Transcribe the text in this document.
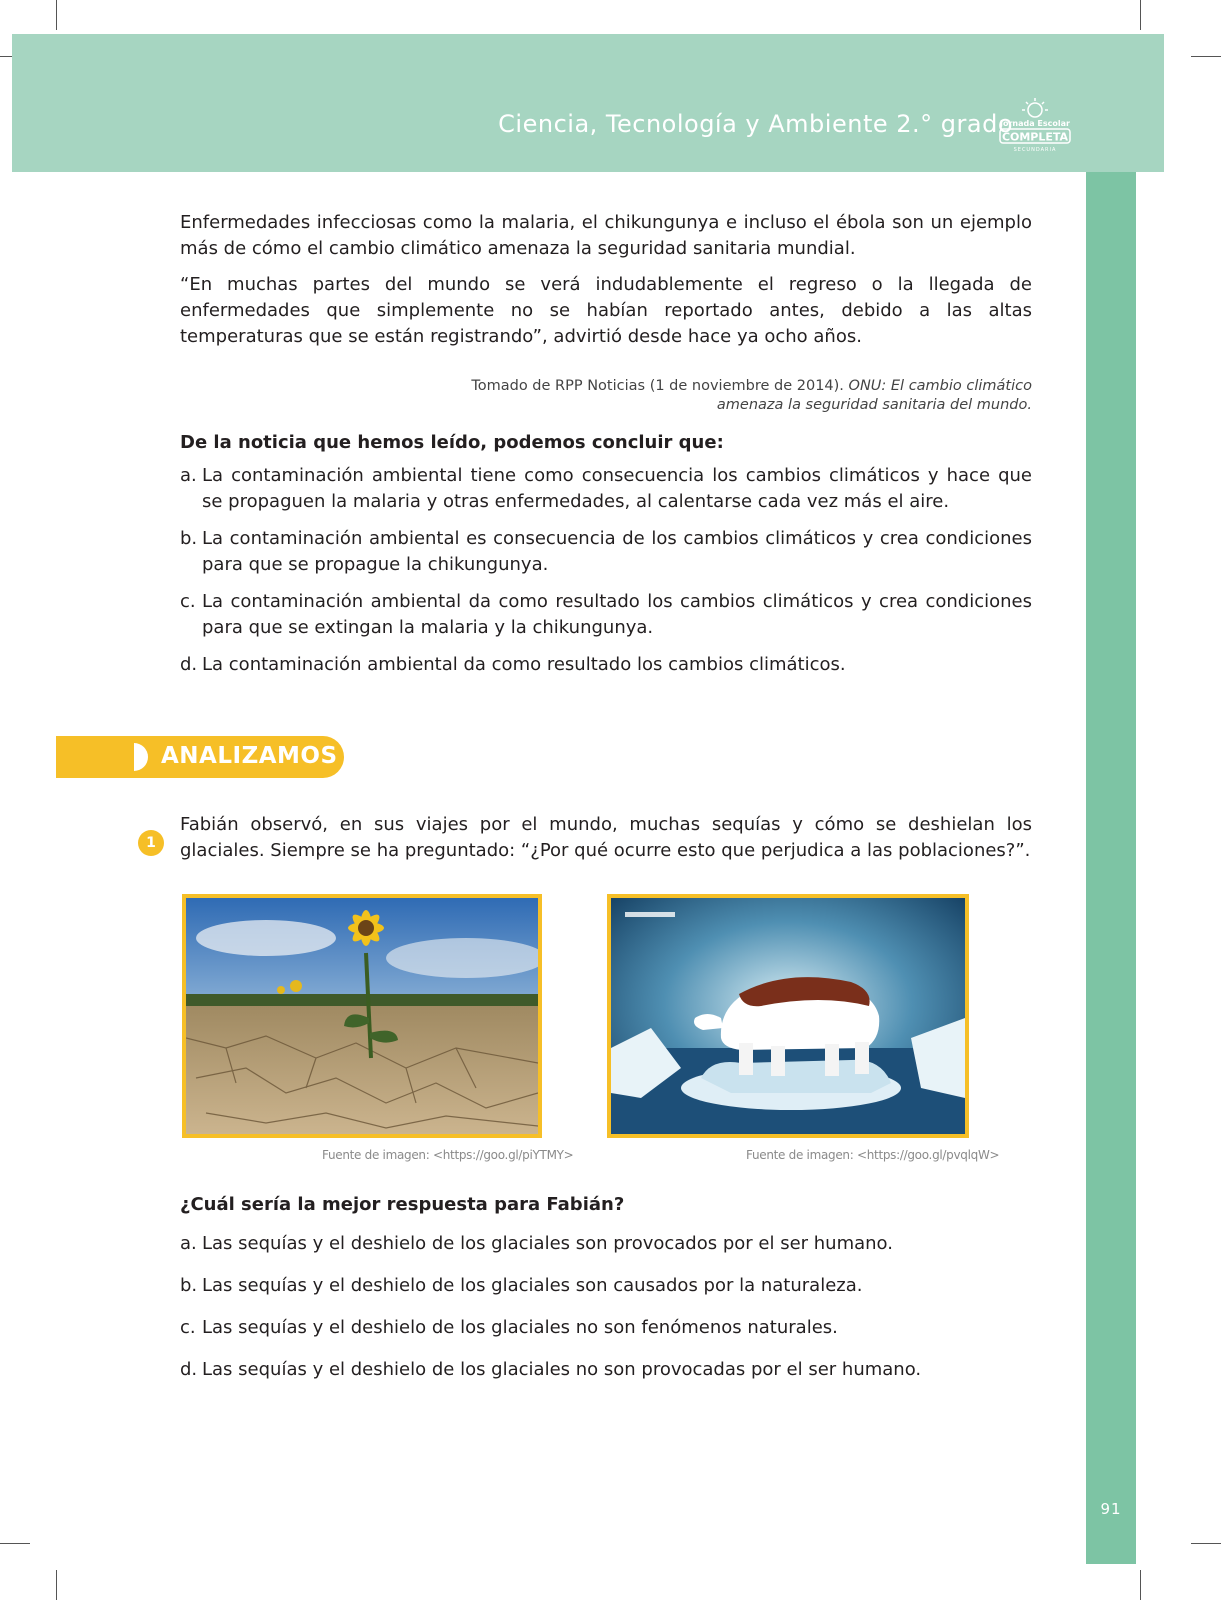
Ciencia, Tecnología y Ambiente 2.° grado
Jornada Escolar
COMPLETA
SECUNDARIA
91

Enfermedades infecciosas como la malaria, el chikungunya e incluso el ébola son un ejemplo más de cómo el cambio climático amenaza la seguridad sanitaria mundial.

“En muchas partes del mundo se verá indudablemente el regreso o la llegada de enfermedades que simplemente no se habían reportado antes, debido a las altas temperaturas que se están registrando”, advirtió desde hace ya ocho años.

Tomado de RPP Noticias (1 de noviembre de 2014). ONU: El cambio climático amenaza la seguridad sanitaria del mundo.

De la noticia que hemos leído, podemos concluir que:

a. La contaminación ambiental tiene como consecuencia los cambios climáticos y hace que se propaguen la malaria y otras enfermedades, al calentarse cada vez más el aire.
b. La contaminación ambiental es consecuencia de los cambios climáticos y crea condiciones para que se propague la chikungunya.
c. La contaminación ambiental da como resultado los cambios climáticos y crea condiciones para que se extingan la malaria y la chikungunya.
d. La contaminación ambiental da como resultado los cambios climáticos.
ANALIZAMOS
1

Fabián observó, en sus viajes por el mundo, muchas sequías y cómo se deshielan los glaciales. Siempre se ha preguntado: “¿Por qué ocurre esto que perjudica a las poblaciones?”.

Fuente de imagen: <https://goo.gl/piYTMY>	Fuente de imagen: <https://goo.gl/pvqlqW>

¿Cuál sería la mejor respuesta para Fabián?

a. Las sequías y el deshielo de los glaciales son provocados por el ser humano.
b. Las sequías y el deshielo de los glaciales son causados por la naturaleza.
c. Las sequías y el deshielo de los glaciales no son fenómenos naturales.
d. Las sequías y el deshielo de los glaciales no son provocadas por el ser humano.
